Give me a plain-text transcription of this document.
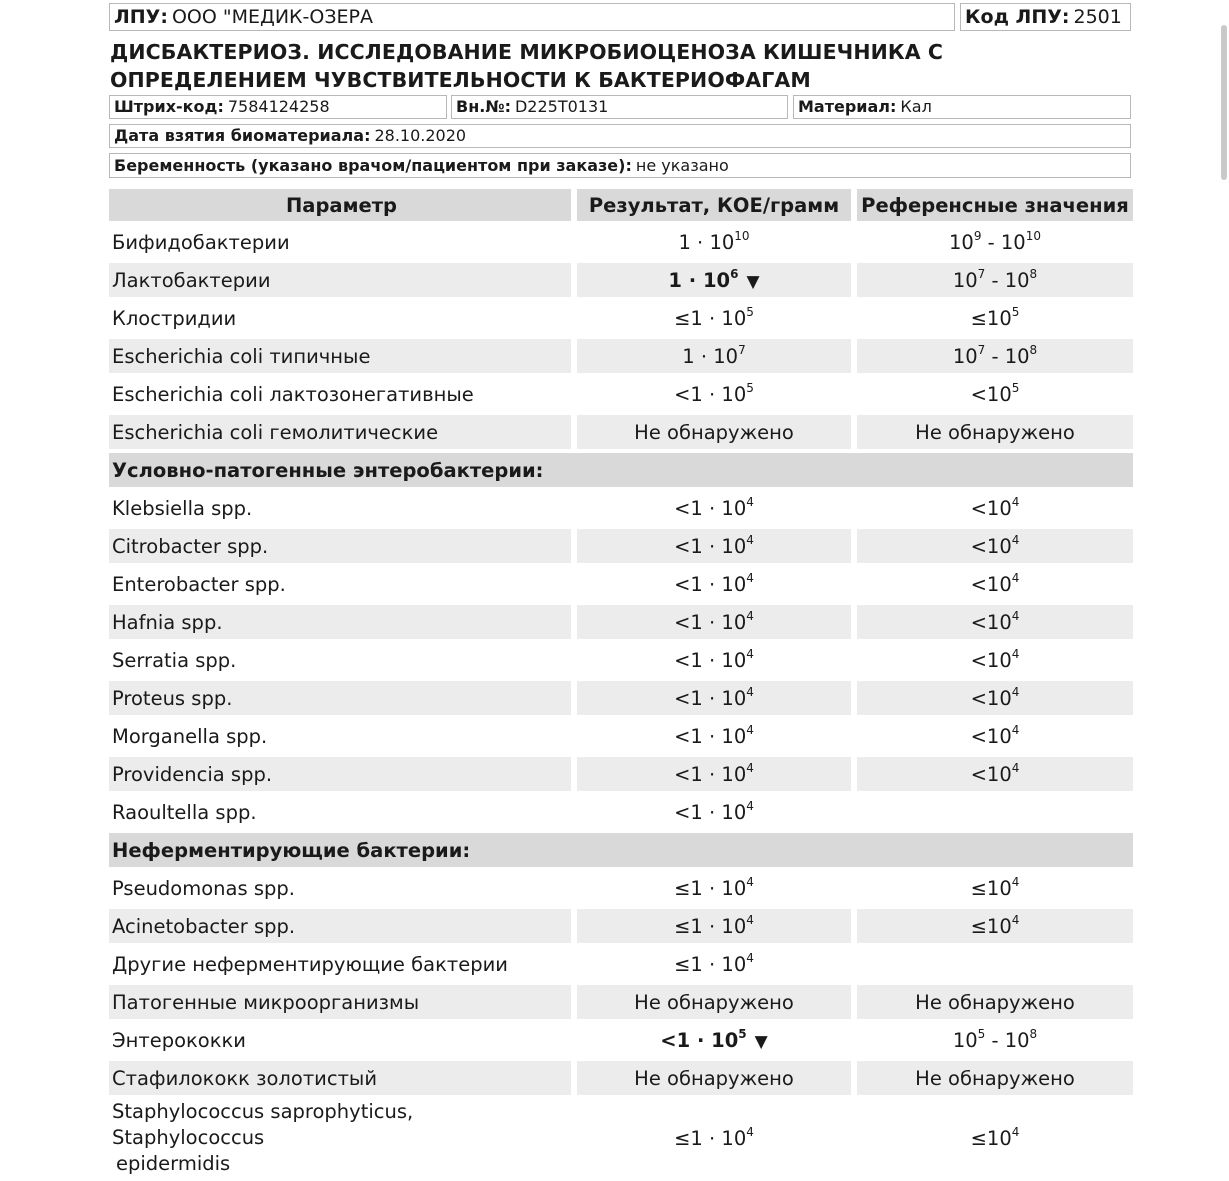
ЛПУ: ООО "МЕДИК-ОЗЕРА	Код ЛПУ: 2501
ДИСБАКТЕРИОЗ. ИССЛЕДОВАНИЕ МИКРОБИОЦЕНОЗА КИШЕЧНИКА С ОПРЕДЕЛЕНИЕМ ЧУВСТВИТЕЛЬНОСТИ К БАКТЕРИОФАГАМ
Штрих-код: 7584124258	Вн.№: D225T0131	Материал: Кал
Дата взятия биоматериала: 28.10.2020
Беременность (указано врачом/пациентом при заказе): не указано
Параметр		Результат, КОЕ/грамм		Референсные значения
Бифидобактерии		$1 \cdot 10^{10}$		$10^9 - 10^{10}$
Лактобактерии		$1 \cdot 10^6$ ▼		$10^7 - 10^8$
Клостридии		$\le 1 \cdot 10^5$		$\le 10^5$
Escherichia coli типичные		$1 \cdot 10^7$		$10^7 - 10^8$
Escherichia coli лактозонегативные		$<1 \cdot 10^5$		$<10^5$
Escherichia coli гемолитические		Не обнаружено		Не обнаружено
Условно-патогенные энтеробактерии:				
Klebsiella spp.		$<1 \cdot 10^4$		$<10^4$
Citrobacter spp.		$<1 \cdot 10^4$		$<10^4$
Enterobacter spp.		$<1 \cdot 10^4$		$<10^4$
Hafnia spp.		$<1 \cdot 10^4$		$<10^4$
Serratia spp.		$<1 \cdot 10^4$		$<10^4$
Proteus spp.		$<1 \cdot 10^4$		$<10^4$
Morganella spp.		$<1 \cdot 10^4$		$<10^4$
Providencia spp.		$<1 \cdot 10^4$		$<10^4$
Raoultella spp.		$<1 \cdot 10^4$		
Неферментирующие бактерии:				
Pseudomonas spp.		$\le 1 \cdot 10^4$		$\le 10^4$
Acinetobacter spp.		$\le 1 \cdot 10^4$		$\le 10^4$
Другие неферментирующие бактерии		$\le 1 \cdot 10^4$		
Патогенные микроорганизмы		Не обнаружено		Не обнаружено
Энтерококки		$<1 \cdot 10^5$ ▼		$10^5 - 10^8$
Стафилококк золотистый		Не обнаружено		Не обнаружено
Staphylococcus saprophyticus, Staphylococcus
epidermidis		$\le 1 \cdot 10^4$		$\le 10^4$
